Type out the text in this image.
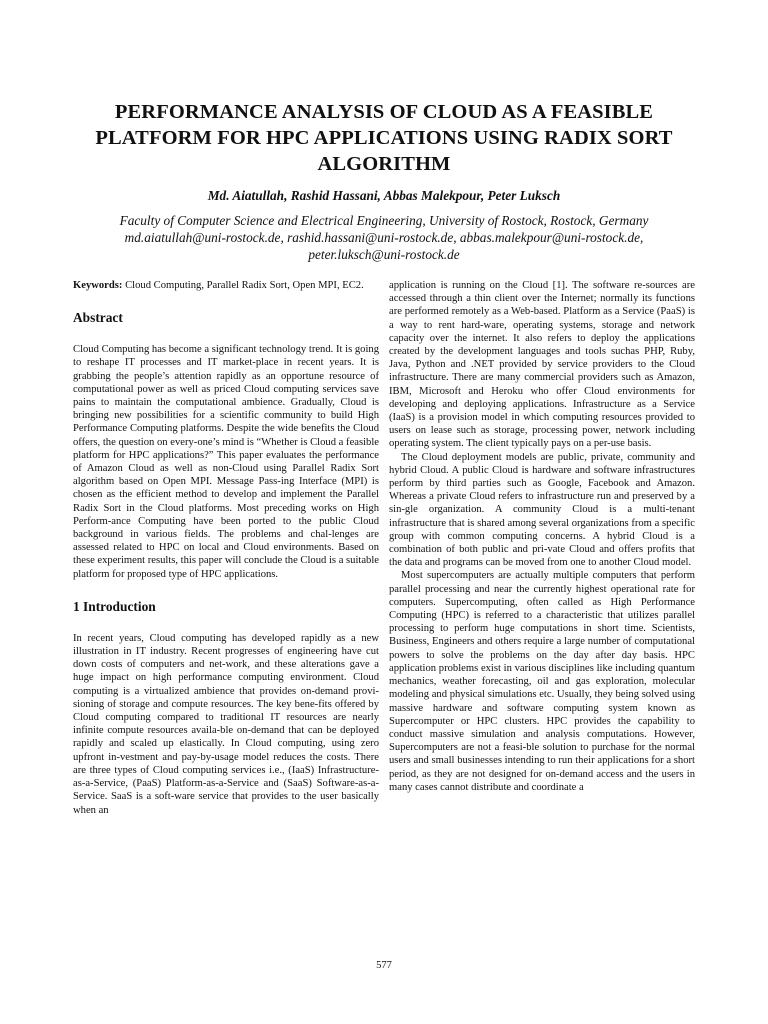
PERFORMANCE ANALYSIS OF CLOUD AS A FEASIBLE PLATFORM FOR HPC APPLICATIONS USING RADIX SORT ALGORITHM
Md. Aiatullah, Rashid Hassani, Abbas Malekpour, Peter Luksch
Faculty of Computer Science and Electrical Engineering, University of Rostock, Rostock, Germany
md.aiatullah@uni-rostock.de, rashid.hassani@uni-rostock.de, abbas.malekpour@uni-rostock.de,
peter.luksch@uni-rostock.de

Keywords: Cloud Computing, Parallel Radix Sort, Open MPI, EC2.

Abstract

Cloud Computing has become a significant technology trend. It is going to reshape IT processes and IT market-place in recent years. It is grabbing the people’s attention rapidly as an opportune resource of computational power as well as priced Cloud computing services save pains to maintain the computational ambience. Gradually, Cloud is bringing new possibilities for a scientific community to build High Performance Computing platforms. Despite the wide benefits the Cloud offers, the question on every-one’s mind is “Whether is Cloud a feasible platform for HPC applications?” This paper evaluates the performance of Amazon Cloud as well as non-Cloud using Parallel Radix Sort algorithm based on Open MPI. Message Pass-ing Interface (MPI) is chosen as the efficient method to develop and implement the Parallel Radix Sort in the Cloud platforms. Most preceding works on High Perform-ance Computing have been ported to the public Cloud background in various fields. The problems and chal-lenges are assessed related to HPC on local and Cloud environments. Based on these experiment results, this paper will conclude the Cloud is a suitable platform for proposed type of HPC applications.

1 Introduction

In recent years, Cloud computing has developed rapidly as a new illustration in IT industry. Recent progresses of engineering have cut down costs of computers and net-work, and these alterations gave a huge impact on high performance computing environment. Cloud computing is a virtualized ambience that provides on-demand provi-sioning of storage and compute resources. The key bene-fits offered by Cloud computing compared to traditional IT resources are nearly infinite compute resources availa-ble on-demand that can be deployed rapidly and scaled up elastically. In Cloud computing, using zero upfront in-vestment and pay-by-usage model reduces the costs. There are three types of Cloud computing services i.e., (IaaS) Infrastructure-as-a-Service, (PaaS) Platform-as-a-Service and (SaaS) Software-as-a-Service. SaaS is a soft-ware service that provides to the user basically when an

application is running on the Cloud [1]. The software re-sources are accessed through a thin client over the Internet; normally its functions are performed remotely as a Web-based. Platform as a Service (PaaS) is a way to rent hard-ware, operating systems, storage and network capacity over the internet. It also refers to deploy the applications created by the development languages and tools suchas PHP, Ruby, Java, Python and .NET provided by service providers to the Cloud infrastructure. There are many commercial providers such as Amazon, IBM, Microsoft and Heroku who offer Cloud environments for developing and deploying applications. Infrastructure as a Service (IaaS) is a provision model in which computing resources provided to users on lease such as storage, processing power, network including operating system. The client typically pays on a per-use basis.

The Cloud deployment models are public, private, community and hybrid Cloud. A public Cloud is hardware and software infrastructures perform by third parties such as Google, Facebook and Amazon. Whereas a private Cloud refers to infrastructure run and preserved by a sin-gle organization. A community Cloud is a multi-tenant infrastructure that is shared among several organizations from a specific group with common computing concerns. A hybrid Cloud is a combination of both public and pri-vate Cloud and offers profits that the data and programs can be moved from one to another Cloud model.

Most supercomputers are actually multiple computers that perform parallel processing and near the currently highest operational rate for computers. Supercomputing, often called as High Performance Computing (HPC) is referred to a characteristic that utilizes parallel processing to perform huge computations in short time. Scientists, Business, Engineers and others require a large number of computational powers to solve the problems on the day after day basis. HPC application problems exist in various disciplines like including quantum mechanics, weather forecasting, oil and gas exploration, molecular modeling and physical simulations etc. Usually, they being solved using massive hardware and software computing system known as Supercomputer or HPC clusters. HPC provides the capability to conduct massive simulation and analysis computations. However, Supercomputers are not a feasi-ble solution to purchase for the normal users and small businesses intending to run their applications for a short period, as they are not designed for on-demand access and the users in many cases cannot distribute and coordinate a

577
